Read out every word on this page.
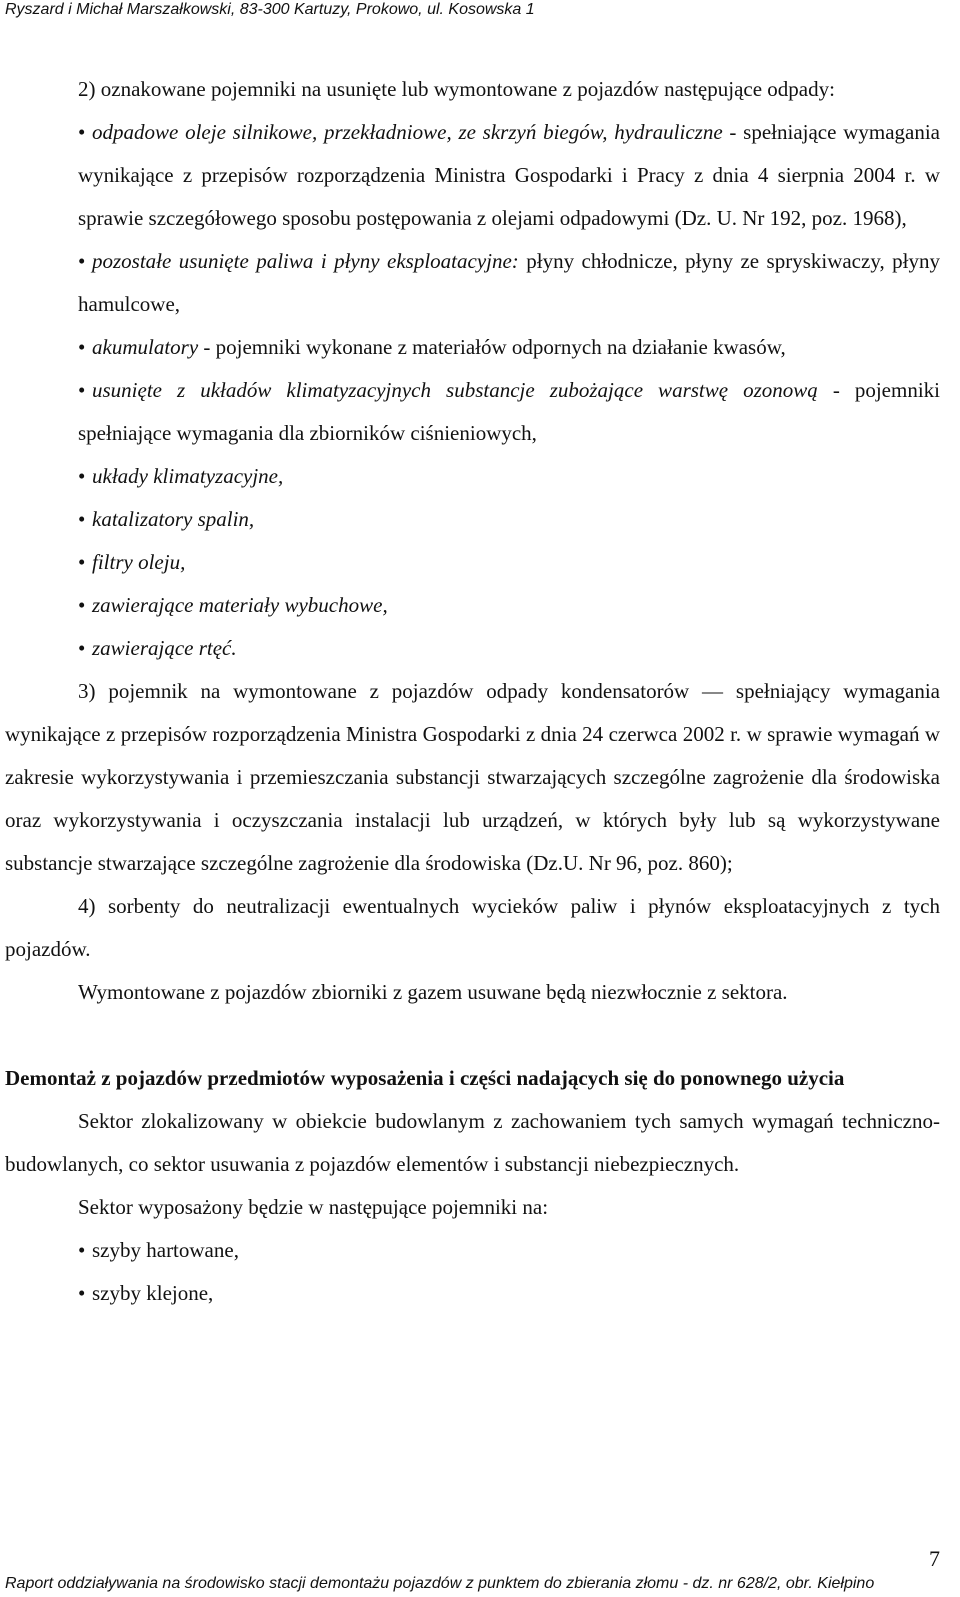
Ryszard i Michał Marszałkowski, 83-300 Kartuzy, Prokowo, ul. Kosowska 1

2) oznakowane pojemniki na usunięte lub wymontowane z pojazdów następujące odpady:

• odpadowe oleje silnikowe, przekładniowe, ze skrzyń biegów, hydrauliczne - spełniające wymagania wynikające z przepisów rozporządzenia Ministra Gospodarki i Pracy z dnia 4 sierpnia 2004 r. w sprawie szczegółowego sposobu postępowania z olejami odpadowymi (Dz. U. Nr 192, poz. 1968),

• pozostałe usunięte paliwa i płyny eksploatacyjne: płyny chłodnicze, płyny ze spryskiwaczy, płyny hamulcowe,

• akumulatory - pojemniki wykonane z materiałów odpornych na działanie kwasów,

• usunięte z układów klimatyzacyjnych substancje zubożające warstwę ozonową - pojemniki spełniające wymagania dla zbiorników ciśnieniowych,

• układy klimatyzacyjne,

• katalizatory spalin,

• filtry oleju,

• zawierające materiały wybuchowe,

• zawierające rtęć.

3) pojemnik na wymontowane z pojazdów odpady kondensatorów — spełniający wymagania wynikające z przepisów rozporządzenia Ministra Gospodarki z dnia 24 czerwca 2002 r. w sprawie wymagań w zakresie wykorzystywania i przemieszczania substancji stwarzających szczególne zagrożenie dla środowiska oraz wykorzystywania i oczyszczania instalacji lub urządzeń, w których były lub są wykorzystywane substancje stwarzające szczególne zagrożenie dla środowiska (Dz.U. Nr 96, poz. 860);

4) sorbenty do neutralizacji ewentualnych wycieków paliw i płynów eksploatacyjnych z tych pojazdów.

Wymontowane z pojazdów zbiorniki z gazem usuwane będą niezwłocznie z sektora.

Demontaż z pojazdów przedmiotów wyposażenia i części nadających się do ponownego użycia

Sektor zlokalizowany w obiekcie budowlanym z zachowaniem tych samych wymagań techniczno-budowlanych, co sektor usuwania z pojazdów elementów i substancji niebezpiecznych.

Sektor wyposażony będzie w następujące pojemniki na:

• szyby hartowane,

• szyby klejone,

7
Raport oddziaływania na środowisko stacji demontażu pojazdów z punktem do zbierania złomu - dz. nr 628/2, obr. Kiełpino
